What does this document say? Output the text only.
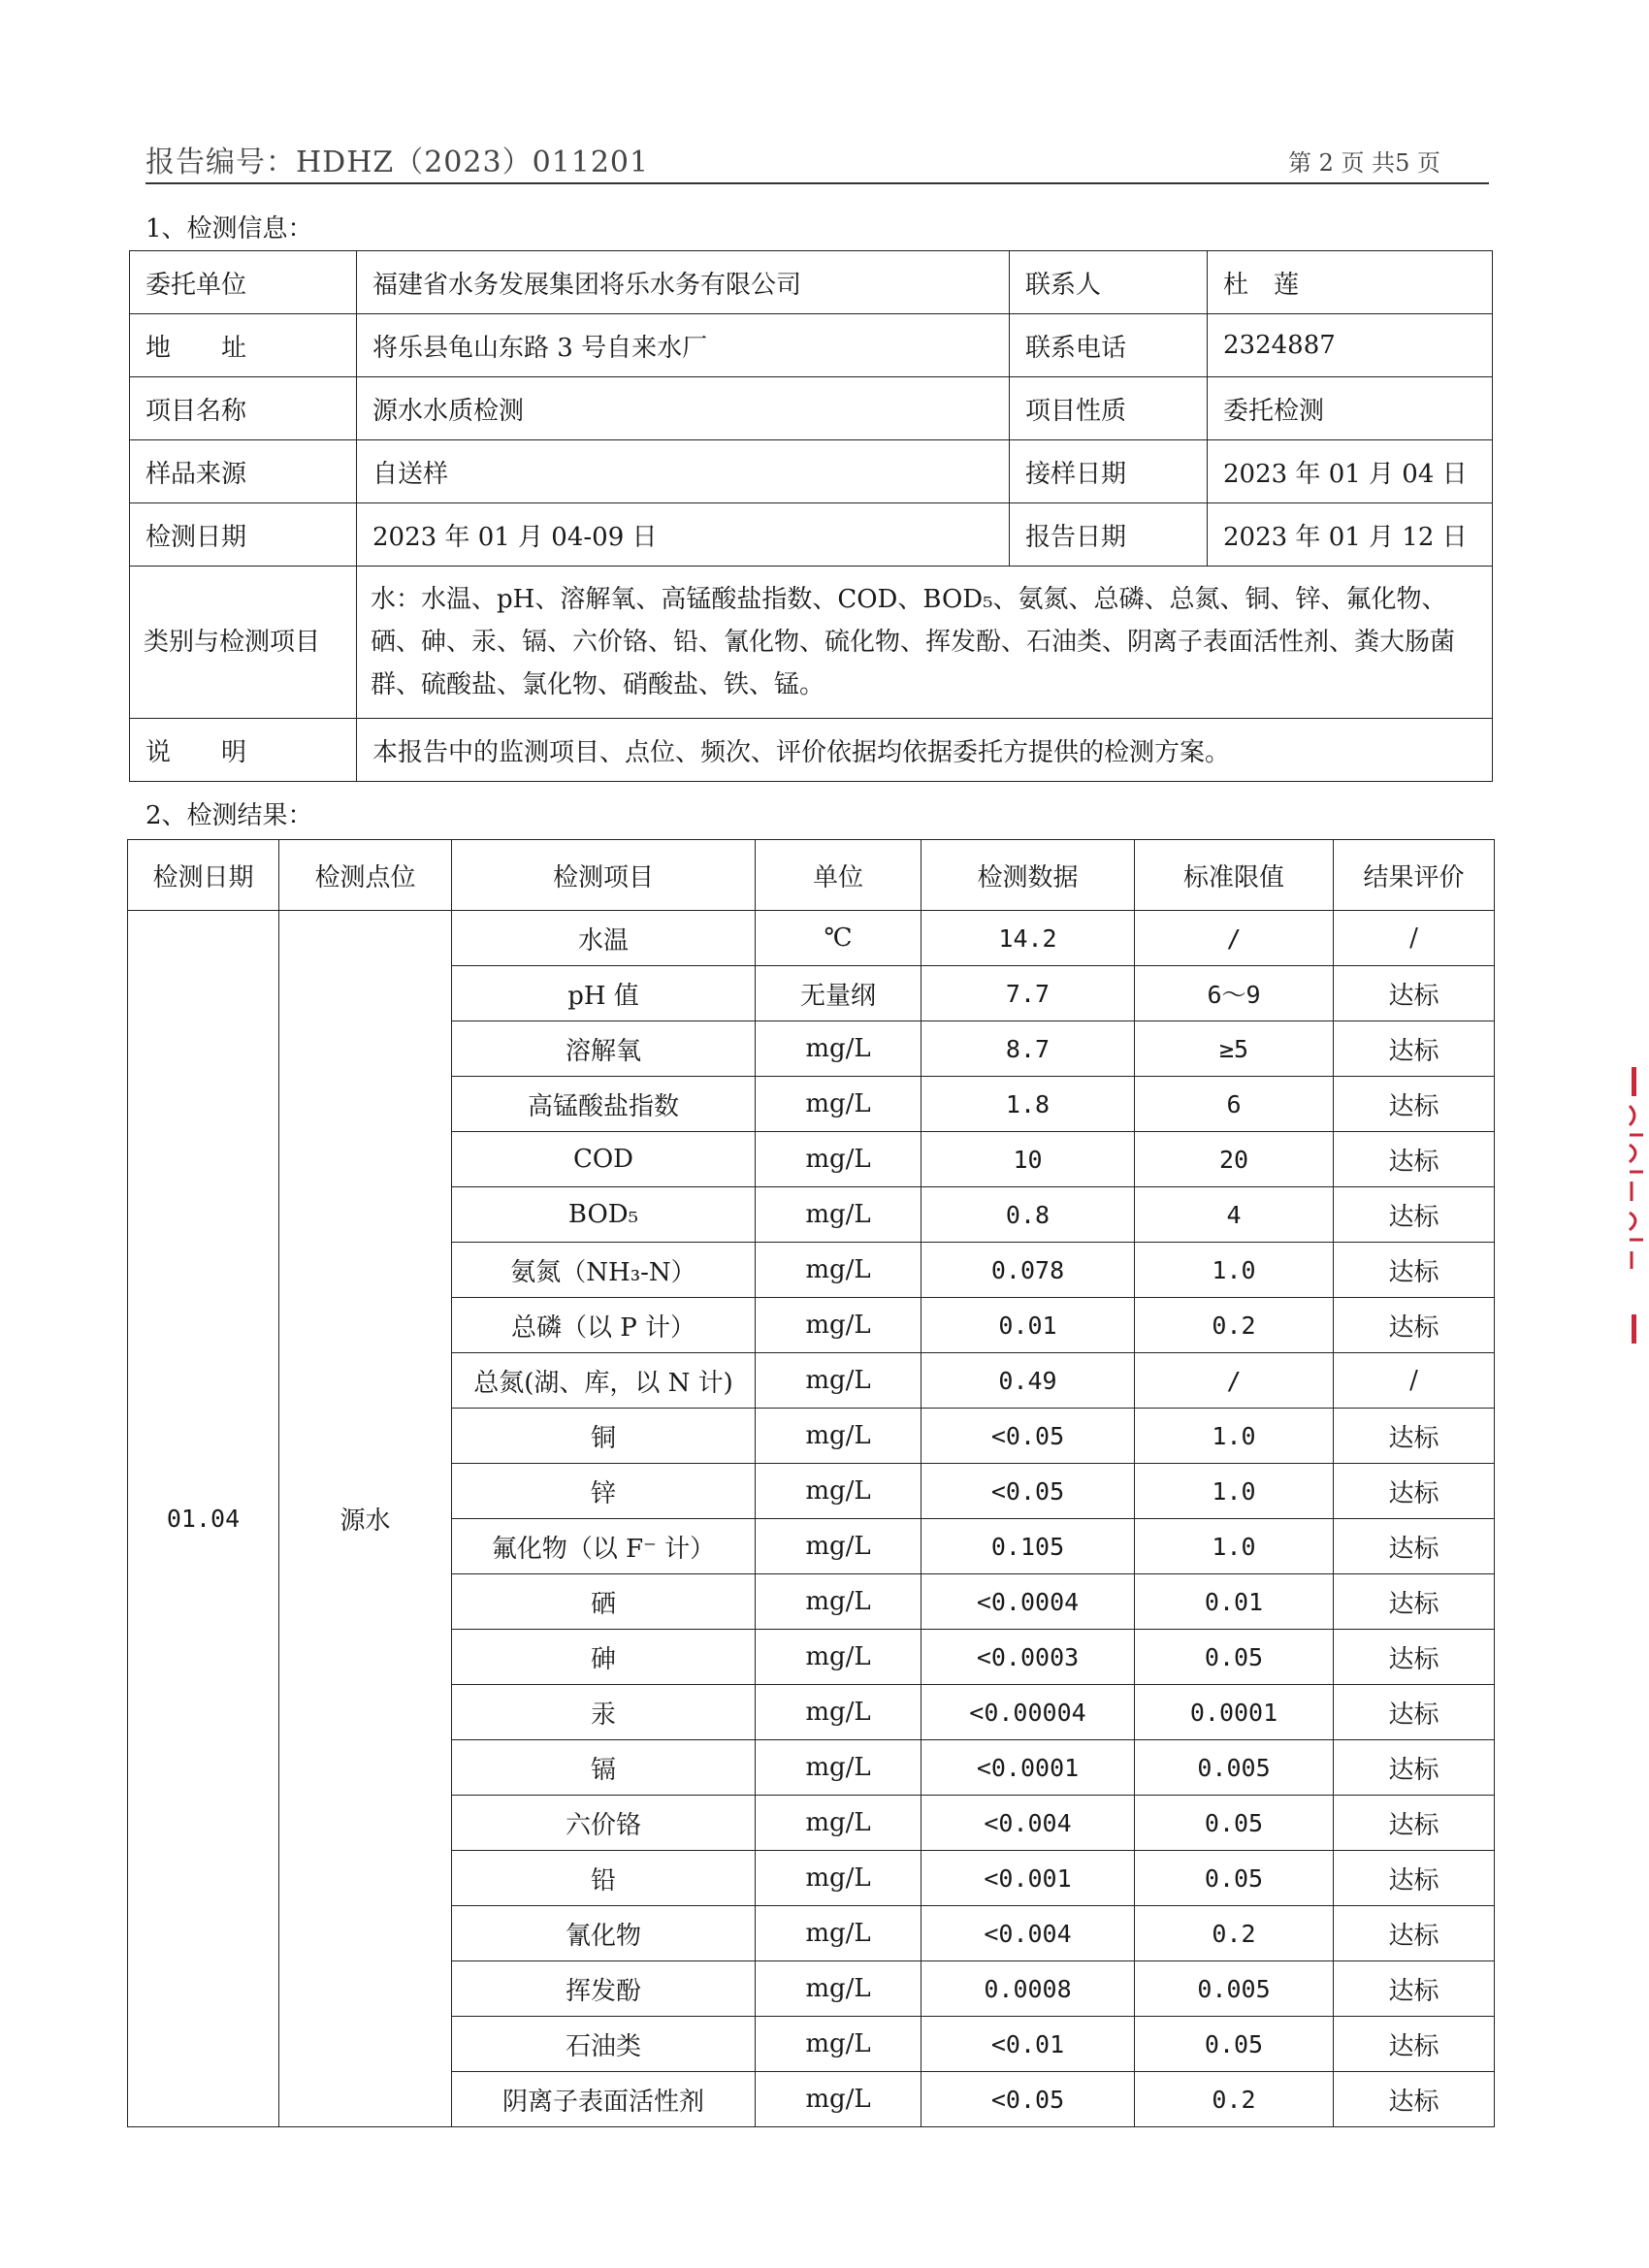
报告编号：HDHZ（2023）011201	第 2 页 共5 页
1、检测信息：
委托单位	福建省水务发展集团将乐水务有限公司	联系人	杜　莲
地　　址	将乐县龟山东路 3 号自来水厂	联系电话	2324887
项目名称	源水水质检测	项目性质	委托检测
样品来源	自送样	接样日期	2023 年 01 月 04 日
检测日期	2023 年 01 月 04-09 日	报告日期	2023 年 01 月 12 日
类别与检测项目	水：水温、pH、溶解氧、高锰酸盐指数、COD、BOD₅、氨氮、总磷、总氮、铜、锌、氟化物、硒、砷、汞、镉、六价铬、铅、氰化物、硫化物、挥发酚、石油类、阴离子表面活性剂、粪大肠菌群、硫酸盐、氯化物、硝酸盐、铁、锰。		
说　　明	本报告中的监测项目、点位、频次、评价依据均依据委托方提供的检测方案。		
2、检测结果：
检测日期	检测点位	检测项目	单位	检测数据	标准限值	结果评价
01.04	源水	水温	℃	14.2	/	/
		pH 值	无量纲	7.7	6～9	达标
		溶解氧	mg/L	8.7	≥5	达标
		高锰酸盐指数	mg/L	1.8	6	达标
		COD	mg/L	10	20	达标
		BOD₅	mg/L	0.8	4	达标
		氨氮（NH₃-N）	mg/L	0.078	1.0	达标
		总磷（以 P 计）	mg/L	0.01	0.2	达标
		总氮(湖、库，以 N 计)	mg/L	0.49	/	/
		铜	mg/L	<0.05	1.0	达标
		锌	mg/L	<0.05	1.0	达标
		氟化物（以 F⁻ 计）	mg/L	0.105	1.0	达标
		硒	mg/L	<0.0004	0.01	达标
		砷	mg/L	<0.0003	0.05	达标
		汞	mg/L	<0.00004	0.0001	达标
		镉	mg/L	<0.0001	0.005	达标
		六价铬	mg/L	<0.004	0.05	达标
		铅	mg/L	<0.001	0.05	达标
		氰化物	mg/L	<0.004	0.2	达标
		挥发酚	mg/L	0.0008	0.005	达标
		石油类	mg/L	<0.01	0.05	达标
		阴离子表面活性剂	mg/L	<0.05	0.2	达标
